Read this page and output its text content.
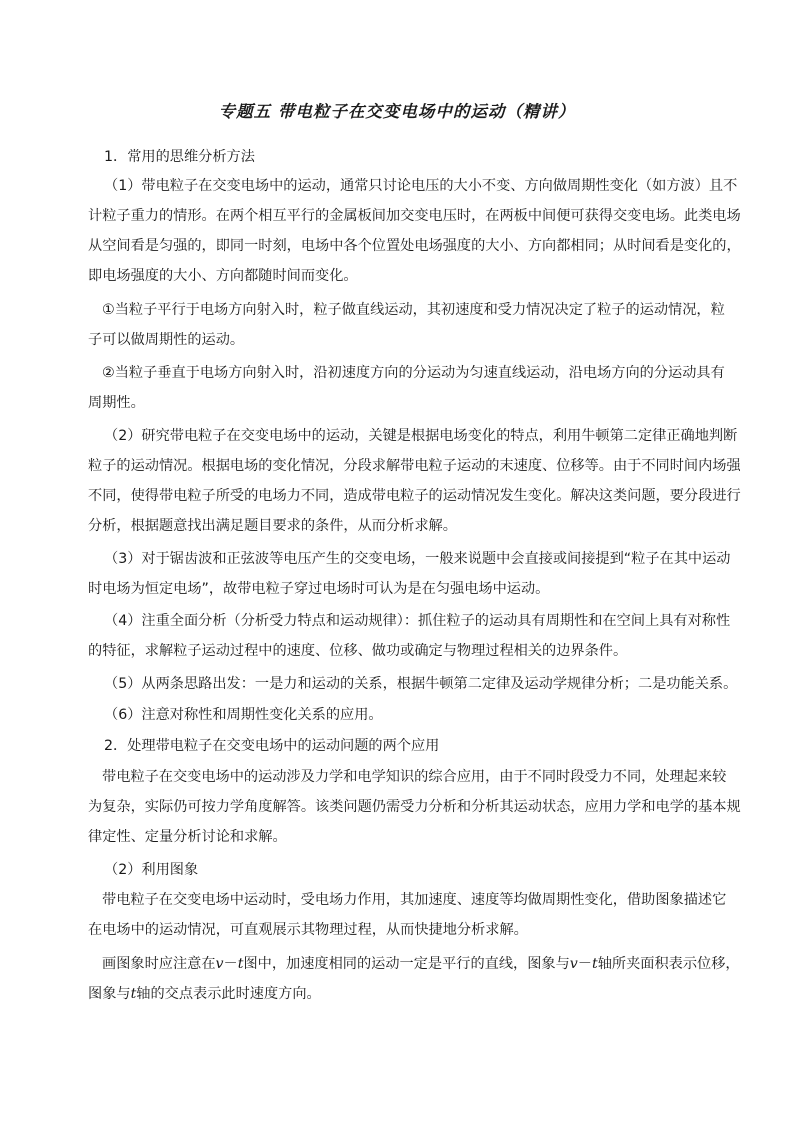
专题五 带电粒子在交变电场中的运动（精讲）
1．常用的思维分析方法
（1）带电粒子在交变电场中的运动，通常只讨论电压的大小不变、方向做周期性变化（如方波）且不
计粒子重力的情形。在两个相互平行的金属板间加交变电压时，在两板中间便可获得交变电场。此类电场
从空间看是匀强的，即同一时刻，电场中各个位置处电场强度的大小、方向都相同；从时间看是变化的，
即电场强度的大小、方向都随时间而变化。
①当粒子平行于电场方向射入时，粒子做直线运动，其初速度和受力情况决定了粒子的运动情况，粒
子可以做周期性的运动。
②当粒子垂直于电场方向射入时，沿初速度方向的分运动为匀速直线运动，沿电场方向的分运动具有
周期性。
（2）研究带电粒子在交变电场中的运动，关键是根据电场变化的特点，利用牛顿第二定律正确地判断
粒子的运动情况。根据电场的变化情况，分段求解带电粒子运动的末速度、位移等。由于不同时间内场强
不同，使得带电粒子所受的电场力不同，造成带电粒子的运动情况发生变化。解决这类问题，要分段进行
分析，根据题意找出满足题目要求的条件，从而分析求解。
（3）对于锯齿波和正弦波等电压产生的交变电场，一般来说题中会直接或间接提到“粒子在其中运动
时电场为恒定电场”，故带电粒子穿过电场时可认为是在匀强电场中运动。
（4）注重全面分析（分析受力特点和运动规律）：抓住粒子的运动具有周期性和在空间上具有对称性
的特征，求解粒子运动过程中的速度、位移、做功或确定与物理过程相关的边界条件。
（5）从两条思路出发：一是力和运动的关系，根据牛顿第二定律及运动学规律分析；二是功能关系。
（6）注意对称性和周期性变化关系的应用。
2．处理带电粒子在交变电场中的运动问题的两个应用
带电粒子在交变电场中的运动涉及力学和电学知识的综合应用，由于不同时段受力不同，处理起来较
为复杂，实际仍可按力学角度解答。该类问题仍需受力分析和分析其运动状态，应用力学和电学的基本规
律定性、定量分析讨论和求解。
（2）利用图象
带电粒子在交变电场中运动时，受电场力作用，其加速度、速度等均做周期性变化，借助图象描述它
在电场中的运动情况，可直观展示其物理过程，从而快捷地分析求解。
画图象时应注意在v－t图中，加速度相同的运动一定是平行的直线，图象与v－t轴所夹面积表示位移，
图象与t轴的交点表示此时速度方向。
